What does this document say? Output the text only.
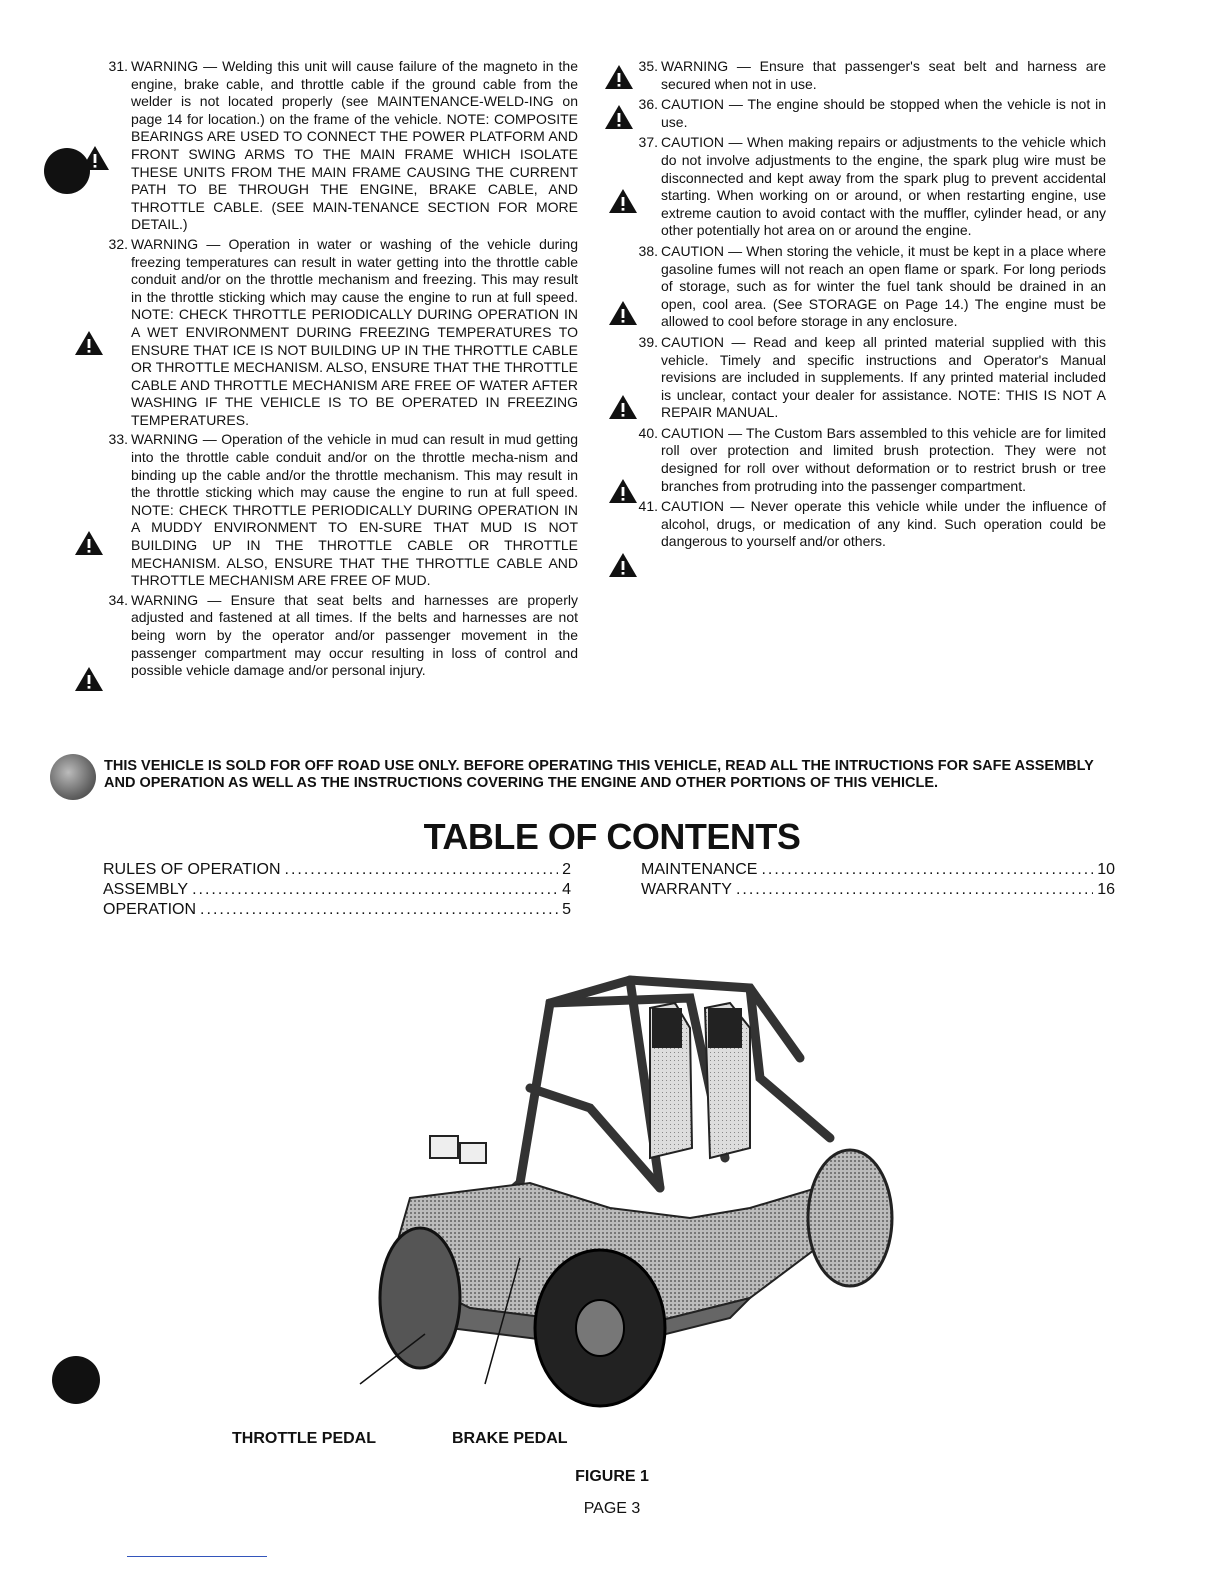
31. WARNING — Welding this unit will cause failure of the magneto in the engine, brake cable, and throttle cable if the ground cable from the welder is not located properly (see MAINTENANCE-WELD-ING on page 14 for location.) on the frame of the vehicle. NOTE: COMPOSITE BEARINGS ARE USED TO CONNECT THE POWER PLATFORM AND FRONT SWING ARMS TO THE MAIN FRAME WHICH ISOLATE THESE UNITS FROM THE MAIN FRAME CAUSING THE CURRENT PATH TO BE THROUGH THE ENGINE, BRAKE CABLE, AND THROTTLE CABLE. (SEE MAIN-TENANCE SECTION FOR MORE DETAIL.)
32. WARNING — Operation in water or washing of the vehicle during freezing temperatures can result in water getting into the throttle cable conduit and/or on the throttle mechanism and freezing. This may result in the throttle sticking which may cause the engine to run at full speed. NOTE: CHECK THROTTLE PERIODICALLY DURING OPERATION IN A WET ENVIRONMENT DURING FREEZING TEMPERATURES TO ENSURE THAT ICE IS NOT BUILDING UP IN THE THROTTLE CABLE OR THROTTLE MECHANISM. ALSO, ENSURE THAT THE THROTTLE CABLE AND THROTTLE MECHANISM ARE FREE OF WATER AFTER WASHING IF THE VEHICLE IS TO BE OPERATED IN FREEZING TEMPERATURES.
33. WARNING — Operation of the vehicle in mud can result in mud getting into the throttle cable conduit and/or on the throttle mecha-nism and binding up the cable and/or the throttle mechanism. This may result in the throttle sticking which may cause the engine to run at full speed. NOTE: CHECK THROTTLE PERIODICALLY DURING OPERATION IN A MUDDY ENVIRONMENT TO EN-SURE THAT MUD IS NOT BUILDING UP IN THE THROTTLE CABLE OR THROTTLE MECHANISM. ALSO, ENSURE THAT THE THROTTLE CABLE AND THROTTLE MECHANISM ARE FREE OF MUD.
34. WARNING — Ensure that seat belts and harnesses are properly adjusted and fastened at all times. If the belts and harnesses are not being worn by the operator and/or passenger movement in the passenger compartment may occur resulting in loss of control and possible vehicle damage and/or personal injury.
35. WARNING — Ensure that passenger's seat belt and harness are secured when not in use.
36. CAUTION — The engine should be stopped when the vehicle is not in use.
37. CAUTION — When making repairs or adjustments to the vehicle which do not involve adjustments to the engine, the spark plug wire must be disconnected and kept away from the spark plug to prevent accidental starting. When working on or around, or when restarting engine, use extreme caution to avoid contact with the muffler, cylinder head, or any other potentially hot area on or around the engine.
38. CAUTION — When storing the vehicle, it must be kept in a place where gasoline fumes will not reach an open flame or spark. For long periods of storage, such as for winter the fuel tank should be drained in an open, cool area. (See STORAGE on Page 14.) The engine must be allowed to cool before storage in any enclosure.
39. CAUTION — Read and keep all printed material supplied with this vehicle. Timely and specific instructions and Operator's Manual revisions are included in supplements. If any printed material included is unclear, contact your dealer for assistance. NOTE: THIS IS NOT A REPAIR MANUAL.
40. CAUTION — The Custom Bars assembled to this vehicle are for limited roll over protection and limited brush protection. They were not designed for roll over without deformation or to restrict brush or tree branches from protruding into the passenger compartment.
41. CAUTION — Never operate this vehicle while under the influence of alcohol, drugs, or medication of any kind. Such operation could be dangerous to yourself and/or others.
THIS VEHICLE IS SOLD FOR OFF ROAD USE ONLY. BEFORE OPERATING THIS VEHICLE, READ ALL THE INTRUCTIONS FOR SAFE ASSEMBLY AND OPERATION AS WELL AS THE INSTRUCTIONS COVERING THE ENGINE AND OTHER PORTIONS OF THIS VEHICLE.
TABLE OF CONTENTS
RULES OF OPERATION .....	2
ASSEMBLY .....	4
OPERATION .....	5
MAINTENANCE .....	10
WARRANTY .....	16
THROTTLE PEDAL	BRAKE PEDAL
FIGURE 1
PAGE 3
